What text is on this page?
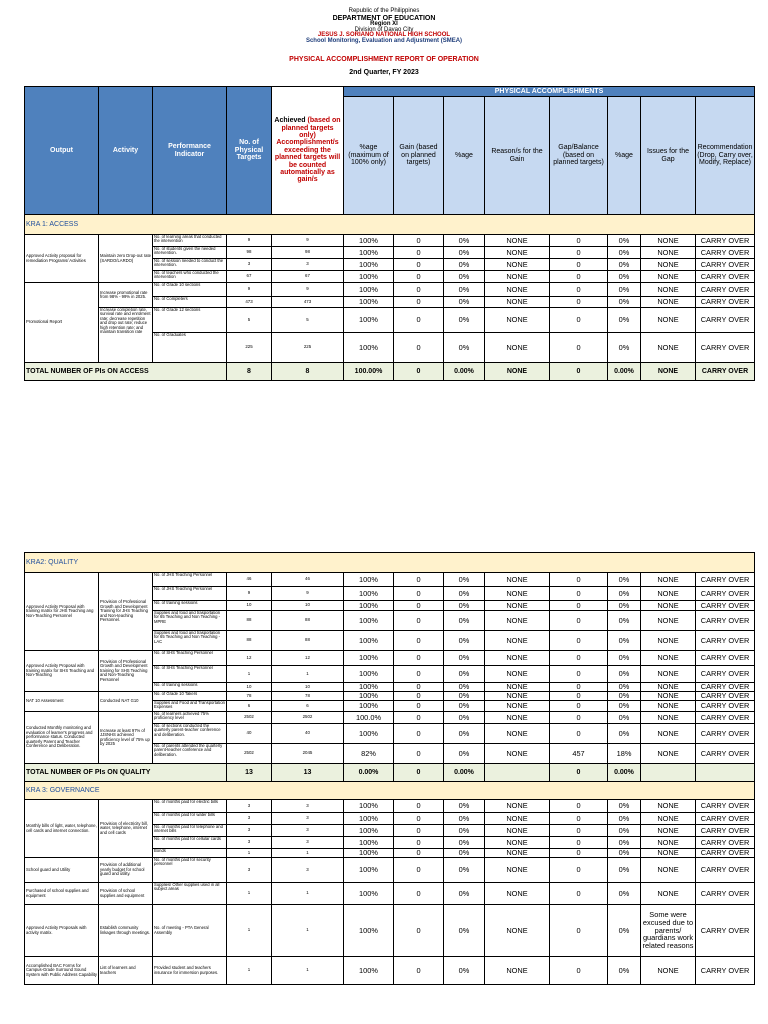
Republic of the Philippines
DEPARTMENT OF EDUCATION
Region XI
Division of Davao City
JESUS J. SORIANO NATIONAL HIGH SCHOOL
School Monitoring, Evaluation and Adjustment (SMEA)
PHYSICAL ACCOMPLISHMENT REPORT OF OPERATION
2nd Quarter, FY 2023
Output	Activity	Performance Indicator	No. of Physical Targets	Achieved (based on planned targets only) Accomplishment/s exceeding the planned targets will be counted automatically as gain/s	PHYSICAL ACCOMPLISHMENTS							
					%age (maximum of 100% only)	Gain (based on planned targets)	%age	Reason/s for the Gain	Gap/Balance (based on planned targets)	%age	Issues for the Gap	Recommendation (Drop, Carry over, Modify, Replace)
KRA 1: ACCESS												
Approved Activity proposal for remediation Programs/ Activities	Maintain zero Drop-out rate (SARDO/LARDO)	No. of learning areas that conducted the intervention	9	9	100%	0	0%	NONE	0	0%	NONE	CARRY OVER
		No. of students given the needed intervention.	98	98	100%	0	0%	NONE	0	0%	NONE	CARRY OVER
		No. of session needed to conduct the intervention.	3	3	100%	0	0%	NONE	0	0%	NONE	CARRY OVER
		No. of teachers who conducted the intervention	67	67	100%	0	0%	NONE	0	0%	NONE	CARRY OVER
Promotional Report	Increase promotional rate from 98% - 99% in 2025.	No. of Grade 10 sections	9	9	100%	0	0%	NONE	0	0%	NONE	CARRY OVER
		No. of Completers	473	473	100%	0	0%	NONE	0	0%	NONE	CARRY OVER
	Increase completion rate, survival rate and enrolment rate; decrease repetition and drop out rate; reduce high retention rate; and maintain transition rate	No. of Grade 12 sections	5	5	100%	0	0%	NONE	0	0%	NONE	CARRY OVER
		No. of Graduates	225	225	100%	0	0%	NONE	0	0%	NONE	CARRY OVER
TOTAL NUMBER OF PIs ON ACCESS			8	8	100.00%	0	0.00%	NONE	0	0.00%	NONE	CARRY OVER
KRA2: QUALITY												
Approved Activity Proposal with training matrix for JHS Teaching ang Non-Teaching Personnel	Provision of Professional Growth and Development Training for JHS Teaching and Non-teaching Personnel.	No. of JHS Teaching Personnel	46	46	100%	0	0%	NONE	0	0%	NONE	CARRY OVER
		No. of JHS Teaching Personnel	9	9	100%	0	0%	NONE	0	0%	NONE	CARRY OVER
		No. of training sessions	10	10	100%	0	0%	NONE	0	0%	NONE	CARRY OVER
		Supplies and food and trasportation for 65 Teaching and Non Teaching - MPRE	88	88	100%	0	0%	NONE	0	0%	NONE	CARRY OVER
		Supplies and food and trasportation for 65 Teaching and Non Teaching - LAC	88	88	100%	0	0%	NONE	0	0%	NONE	CARRY OVER
Approved Activity Proposal with training matrix for SHS Teaching and Non-Teaching	Provision of Professional Growth and Development training for SHS Teaching and Non-Teaching Personnel	No. of SHS Teaching Personnel	12	12	100%	0	0%	NONE	0	0%	NONE	CARRY OVER
		No. of SHS Teaching Personnel	1	1	100%	0	0%	NONE	0	0%	NONE	CARRY OVER
		No. of training sessions	10	10	100%	0	0%	NONE	0	0%	NONE	CARRY OVER
NAT 10 Assessment	Conducted NAT G10	No. of Grade 10 Takers	78	78	100%	0	0%	NONE	0	0%	NONE	CARRY OVER
		Supplies and Food and Transportation Expenses	6	6	100%	0	0%	NONE	0	0%	NONE	CARRY OVER
Conducted Monthly monitoring and evaluation of learner's progress and performance status. Conducted quarterly Parent and Teacher Conference and Deliberation.	Increase at least 97% of JJSNHS achieved proficiency level of 75% up by 2025	No. of learners achieved 75% proficiency level	2502	2502	100.0%	0	0%	NONE	0	0%	NONE	CARRY OVER
		No. of sections conducted the quarterly parent-teacher conference and deliberation.	40	40	100%	0	0%	NONE	0	0%	NONE	CARRY OVER
		No. of parents attended the quarterly parent-teacher conference and deliberation.	2502	2045	82%	0	0%	NONE	457	18%	NONE	CARRY OVER
TOTAL NUMBER OF PIs ON QUALITY			13	13	0.00%	0	0.00%		0	0.00%		
KRA 3: GOVERNANCE												
Monthly bills of light, water, telephone, cell cards and internet connection.	Provision of electricity bill, water, telephone, internet and cell cards	No. of months paid for electric bills	3	3	100%	0	0%	NONE	0	0%	NONE	CARRY OVER
		No. of months paid for water bills	3	3	100%	0	0%	NONE	0	0%	NONE	CARRY OVER
		No. of months paid for telephone and internet bills	3	3	100%	0	0%	NONE	0	0%	NONE	CARRY OVER
		No. of months paid for cellular cards	3	3	100%	0	0%	NONE	0	0%	NONE	CARRY OVER
		Bonds	1	1	100%	0	0%	NONE	0	0%	NONE	CARRY OVER
School guard and Utility	Provision of additional yearly budget for school guard and utility.	No. of months paid for security personnel	3	3	100%	0	0%	NONE	0	0%	NONE	CARRY OVER
Purchased of school supplies and equipment	Provision of school supplies and equipment	Supplies/ Other supplies used in all subject areas	1	1	100%	0	0%	NONE	0	0%	NONE	CARRY OVER
Approved Activity Proposals with activity matrix.	Establish community linkages through meetings.	No. of meeting - PTA General Assembly	1	1	100%	0	0%	NONE	0	0%	Some were excused due to parents/ guardians work related reasons	CARRY OVER
Accomplished BAC Forms for Campus-Grade Surround Sound System with Public Address Capability	List of learners and teachers	Provided student and teachers insurance for immersion purposes.	1	1	100%	0	0%	NONE	0	0%	NONE	CARRY OVER
